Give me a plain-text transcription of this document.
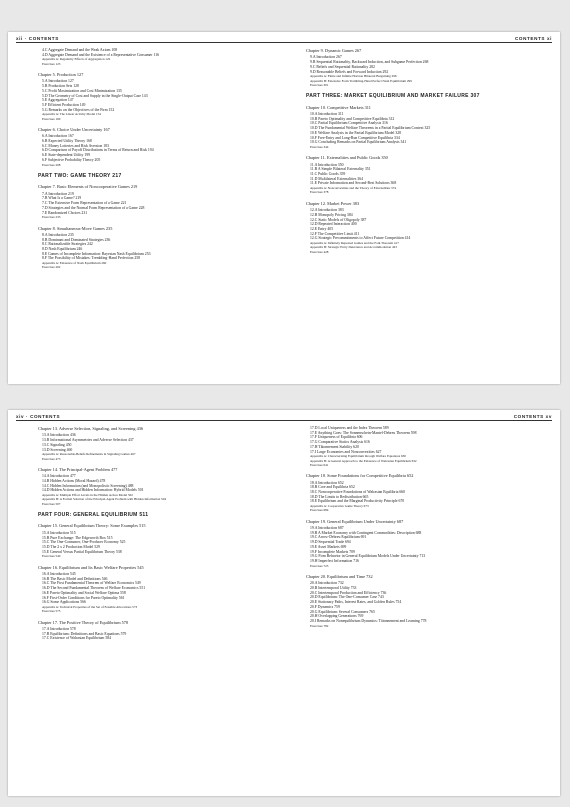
xii · CONTENTS	CONTENTS xi
4.C Aggregate Demand and the Weak Axiom 108
4.D Aggregate Demand and the Existence of a Representative Consumer 116
Appendix A: Regularity Effects of Aggregation 122
Exercises 123
Chapter 5. Production 127
5.A Introduction 127
5.B Production Sets 128
5.C Profit Maximization and Cost Minimization 135
5.D The Geometry of Cost and Supply in the Single-Output Case 143
5.E Aggregation 147
5.F Efficient Production 149
5.G Remarks on the Objectives of the Firm 152
Appendix A: The Linear Activity Model 154
Exercises 160
Chapter 6. Choice Under Uncertainty 167
6.A Introduction 167
6.B Expected Utility Theory 168
6.C Money Lotteries and Risk Aversion 183
6.D Comparison of Payoff Distributions in Terms of Return and Risk 194
6.E State-dependent Utility 199
6.F Subjective Probability Theory 205
Exercises 208
PART TWO: GAME THEORY 217
Chapter 7. Basic Elements of Noncooperative Games 219
7.A Introduction 219
7.B What Is a Game? 219
7.C The Extensive Form Representation of a Game 221
7.D Strategies and the Normal Form Representation of a Game 228
7.E Randomized Choices 231
Exercises 233
Chapter 8. Simultaneous-Move Games 235
8.A Introduction 235
8.B Dominant and Dominated Strategies 236
8.C Rationalizable Strategies 242
8.D Nash Equilibrium 246
8.E Games of Incomplete Information: Bayesian Nash Equilibrium 253
8.F The Possibility of Mistakes: Trembling-Hand Perfection 258
Appendix A: Existence of Nash Equilibrium 260
Exercises 262
Chapter 9. Dynamic Games 267
9.A Introduction 267
9.B Sequential Rationality, Backward Induction, and Subgame Perfection 268
9.C Beliefs and Sequential Rationality 282
9.D Reasonable Beliefs and Forward Induction 292
Appendix A: Finite and Infinite Horizon Bilateral Bargaining 296
Appendix B: Extensive Form Trembling-Hand Perfect Nash Equilibrium 299
Exercises 301
PART THREE: MARKET EQUILIBRIUM AND MARKET FAILURE 307
Chapter 10. Competitive Markets 311
10.A Introduction 311
10.B Pareto Optimality and Competitive Equilibria 312
10.C Partial Equilibrium Competitive Analysis 316
10.D The Fundamental Welfare Theorems in a Partial Equilibrium Context 325
10.E Welfare Analysis in the Partial Equilibrium Model 328
10.F Free-Entry and Long-Run Competitive Equilibria 334
10.G Concluding Remarks on Partial Equilibrium Analysis 341
Exercises 344
Chapter 11. Externalities and Public Goods 350
11.A Introduction 350
11.B A Simple Bilateral Externality 351
11.C Public Goods 359
11.D Multilateral Externalities 364
11.E Private Information and Second-Best Solutions 368
Appendix A: Nonconvexities and the Theory of Externalities 374
Exercises 378
Chapter 12. Market Power 383
12.A Introduction 383
12.B Monopoly Pricing 384
12.C Static Models of Oligopoly 387
12.D Repeated Interaction 400
12.E Entry 405
12.F The Competitive Limit 411
12.G Strategic Precommitments to Affect Future Competition 414
Appendix A: Infinitely Repeated Games and the Folk Theorem 417
Appendix B: Strategic Entry Deterrence and Accommodation 423
Exercises 428
xiv · CONTENTS	CONTENTS xv
Chapter 13. Adverse Selection, Signaling, and Screening 436
13.A Introduction 436
13.B Informational Asymmetries and Adverse Selection 437
13.C Signaling 450
13.D Screening 460
Appendix A: Reasonable-Beliefs Refinements in Signaling Games 467
Exercises 473
Chapter 14. The Principal-Agent Problem 477
14.A Introduction 477
14.B Hidden Actions (Moral Hazard) 478
14.C Hidden Information (and Monopolistic Screening) 488
14.D Hidden Actions and Hidden Information: Hybrid Models 501
Appendix A: Multiple Effort Levels in the Hidden Action Model 502
Appendix B: A Formal Solution of the Principal-Agent Problem with Hidden Information 504
Exercises 507
PART FOUR: GENERAL EQUILIBRIUM 511
Chapter 15. General Equilibrium Theory: Some Examples 515
15.A Introduction 515
15.B Pure Exchange: The Edgeworth Box 515
15.C The One-Consumer, One-Producer Economy 525
15.D The 2 x 2 Production Model 529
15.E General Versus Partial Equilibrium Theory 538
Exercises 540
Chapter 16. Equilibrium and Its Basic Welfare Properties 545
16.A Introduction 545
16.B The Basic Model and Definitions 546
16.C The First Fundamental Theorem of Welfare Economics 549
16.D The Second Fundamental Theorem of Welfare Economics 551
16.E Pareto Optimality and Social Welfare Optima 558
16.F First-Order Conditions for Pareto Optimality 561
16.G Some Applications 566
Appendix A: Technical Properties of the Set of Feasible Allocations 573
Exercises 575
Chapter 17. The Positive Theory of Equilibrium 578
17.A Introduction 578
17.B Equilibrium: Definitions and Basic Equations 579
17.C Existence of Walrasian Equilibrium 584
17.D Local Uniqueness and the Index Theorem 589
17.E Anything Goes: The Sonnenschein-Mantel-Debreu Theorem 598
17.F Uniqueness of Equilibria 606
17.G Comparative Statics Analysis 616
17.H Tâtonnement Stability 620
17.I Large Economies and Nonconvexities 627
Appendix A: Characterizing Equilibrium through Welfare Equations 630
Appendix B: A General Approach to the Existence of Walrasian Equilibrium 632
Exercises 641
Chapter 18. Some Foundations for Competitive Equilibria 652
18.A Introduction 652
18.B Core and Equilibria 652
18.C Noncooperative Foundations of Walrasian Equilibria 660
18.D The Limits to Redistribution 665
18.E Equilibrium and the Marginal Productivity Principle 670
Appendix A: Cooperative Game Theory 673
Exercises 684
Chapter 19. General Equilibrium Under Uncertainty 687
19.A Introduction 687
19.B A Market Economy with Contingent Commodities: Description 688
19.C Arrow-Debreu Equilibrium 691
19.D Sequential Trade 694
19.E Asset Markets 699
19.F Incomplete Markets 709
19.G Firm Behavior in General Equilibrium Models Under Uncertainty 713
19.H Imperfect Information 716
Exercises 725
Chapter 20. Equilibrium and Time 732
20.A Introduction 732
20.B Intertemporal Utility 733
20.C Intertemporal Production and Efficiency 736
20.D Equilibrium: The One-Consumer Case 743
20.E Stationary Paths, Interest Rates, and Golden Rules 754
20.F Dynamics 759
20.G Equilibrium: Several Consumers 765
20.H Overlapping Generations 769
20.I Remarks on Nonequilibrium Dynamics: Tâtonnement and Learning 778
Exercises 782
